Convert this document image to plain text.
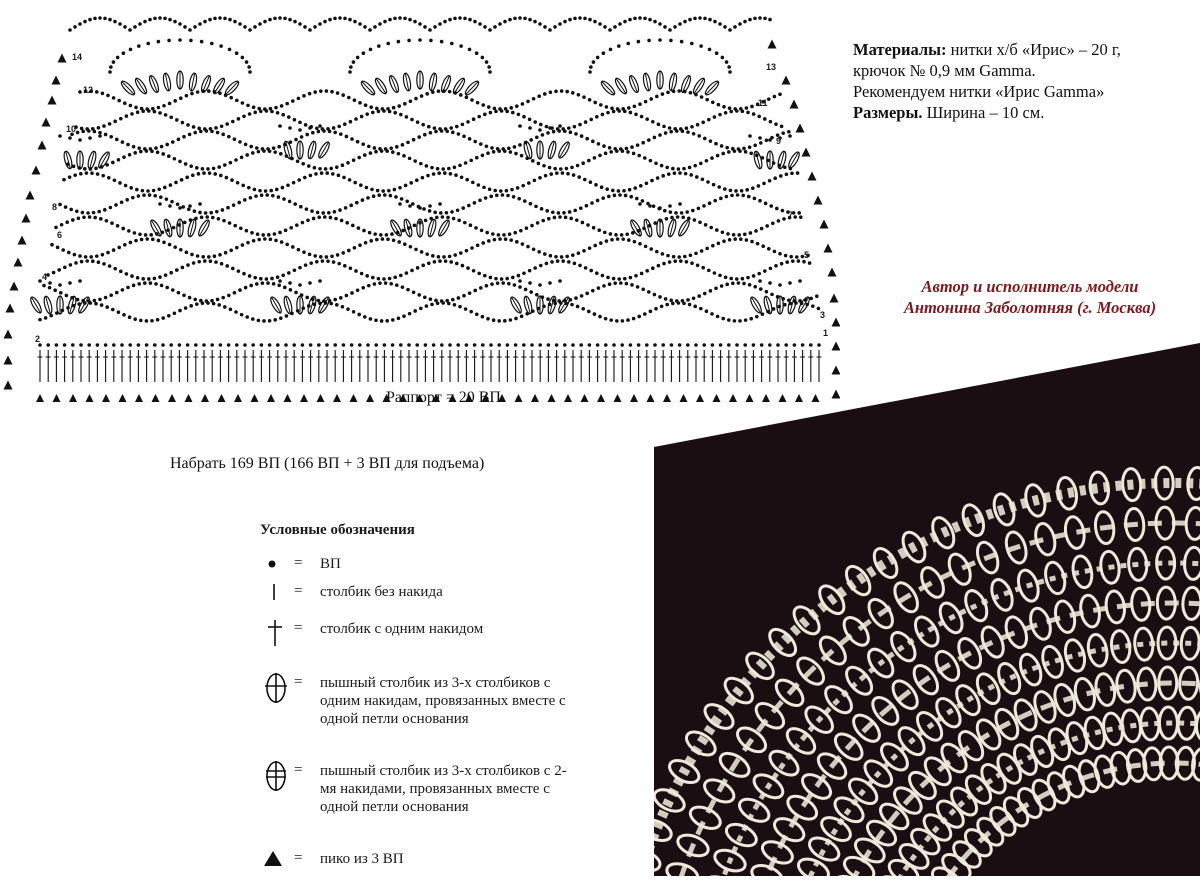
14
12
10
8
6
4
2
13
11
9
7
5
3
1
Раппорт = 20 ВП
Материалы: нитки х/б «Ирис» – 20 г,
крючок № 0,9 мм Gamma.
Рекомендуем нитки «Ирис Gamma»
Размеры. Ширина – 10 см.
Автор и исполнитель модели
Антонина Заболотняя (г. Москва)
Набрать 169 ВП (166 ВП + 3 ВП для подъема)
Условные обозначения
= ВП
= столбик без накида
= столбик с одним накидом
= пышный столбик из 3-х столбиков с одним накидам, провязанных вместе с одной петли основания
= пышный столбик из 3-х столбиков с 2-мя накидами, провязанных вместе с одной петли основания
= пико из 3 ВП
